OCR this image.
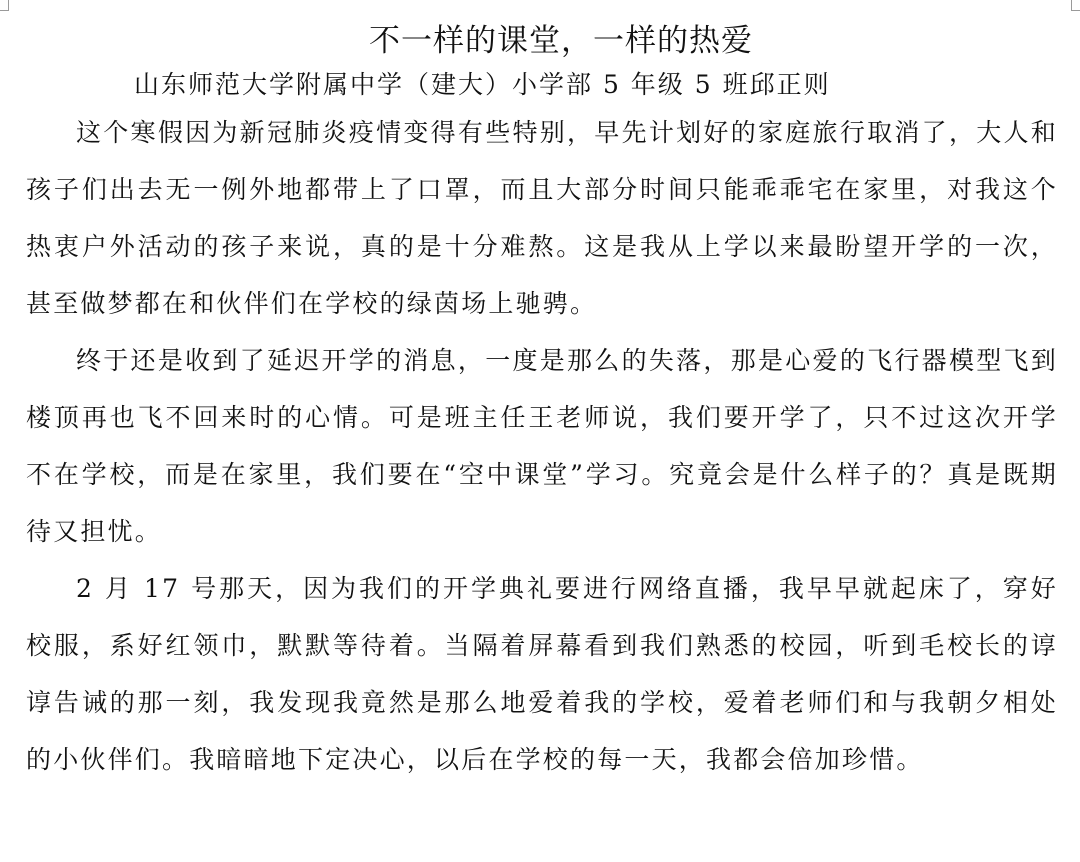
不一样的课堂，一样的热爱

山东师范大学附属中学（建大）小学部 5 年级 5 班邱正则

这个寒假因为新冠肺炎疫情变得有些特别，早先计划好的家庭旅行取消了，大人和孩子们出去无一例外地都带上了口罩，而且大部分时间只能乖乖宅在家里，对我这个热衷户外活动的孩子来说，真的是十分难熬。这是我从上学以来最盼望开学的一次，甚至做梦都在和伙伴们在学校的绿茵场上驰骋。

终于还是收到了延迟开学的消息，一度是那么的失落，那是心爱的飞行器模型飞到楼顶再也飞不回来时的心情。可是班主任王老师说，我们要开学了，只不过这次开学不在学校，而是在家里，我们要在“空中课堂”学习。究竟会是什么样子的？真是既期待又担忧。

2 月 17 号那天，因为我们的开学典礼要进行网络直播，我早早就起床了，穿好校服，系好红领巾，默默等待着。当隔着屏幕看到我们熟悉的校园，听到毛校长的谆谆告诫的那一刻，我发现我竟然是那么地爱着我的学校，爱着老师们和与我朝夕相处的小伙伴们。我暗暗地下定决心，以后在学校的每一天，我都会倍加珍惜。
